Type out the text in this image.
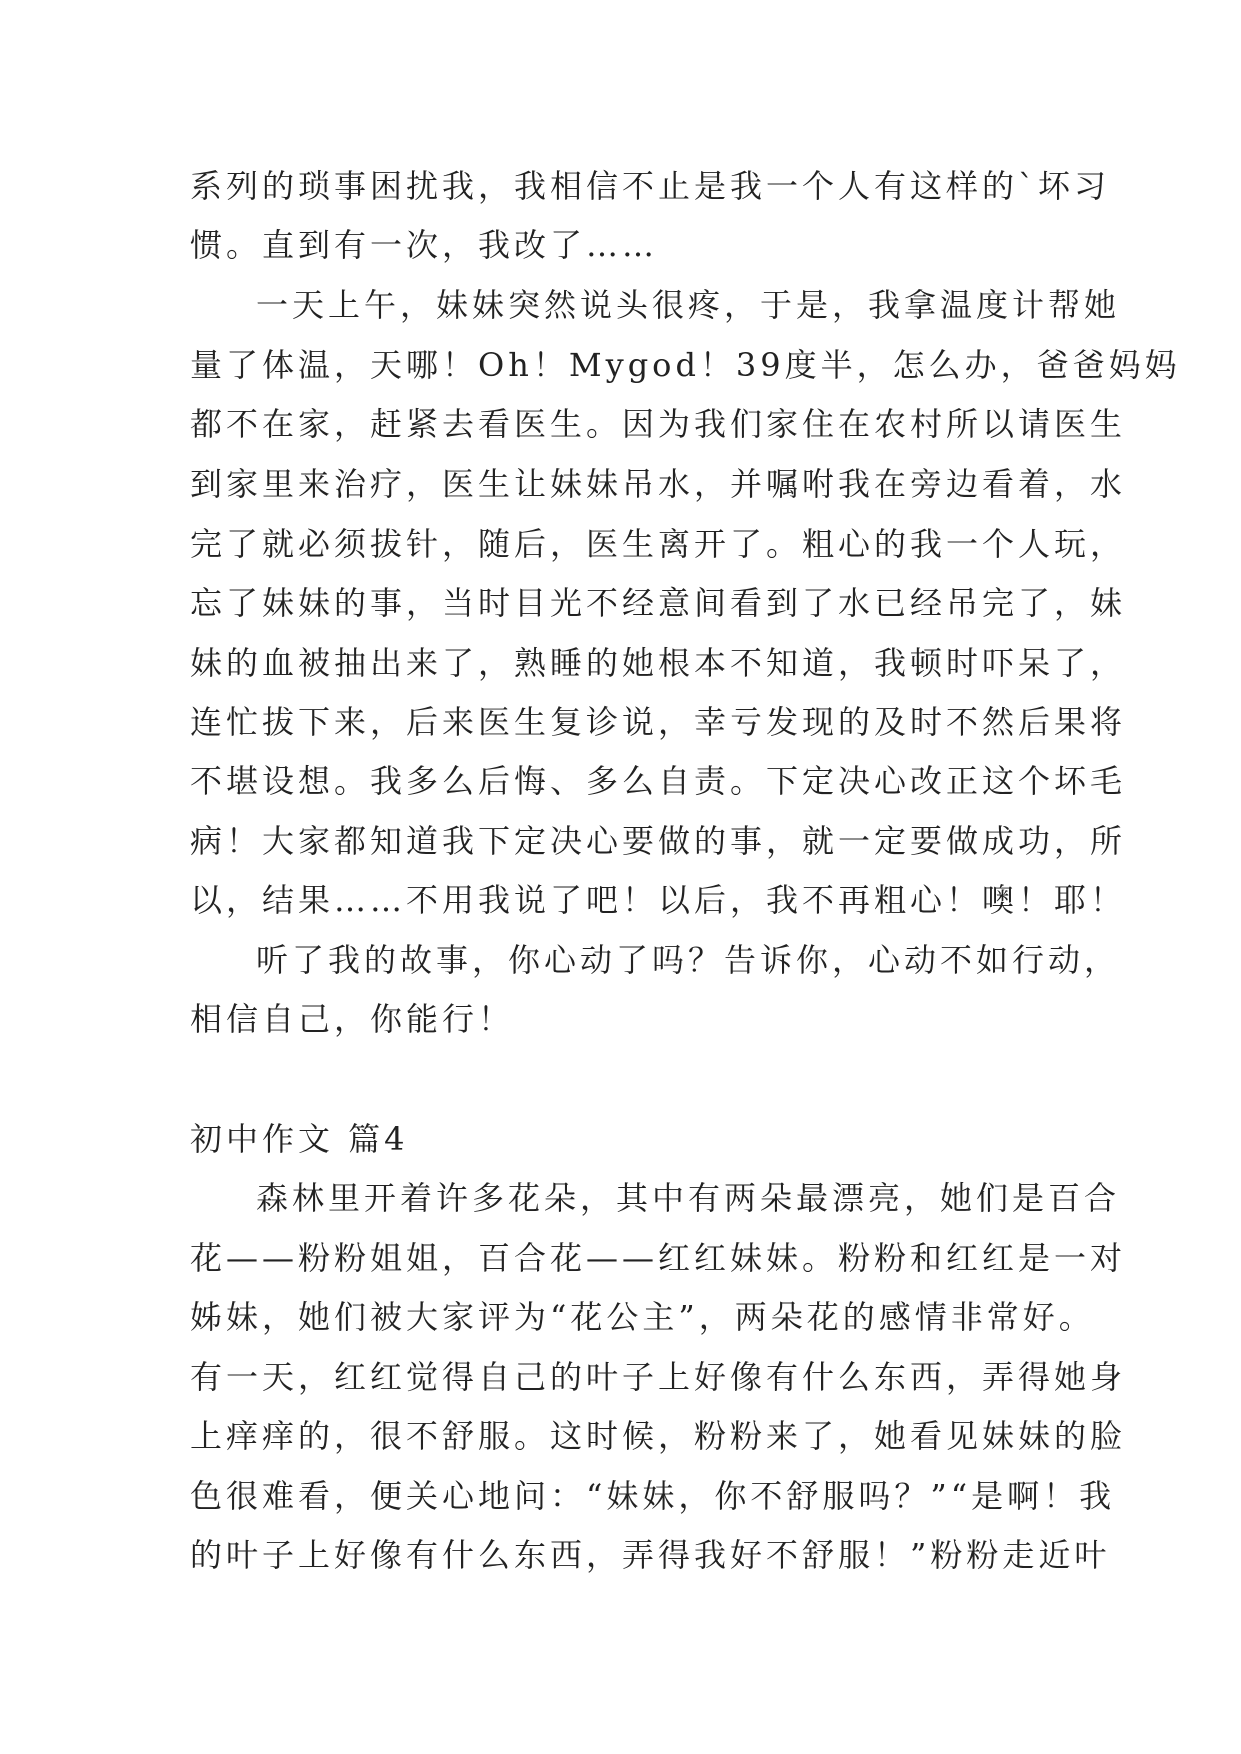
系列的琐事困扰我，我相信不止是我一个人有这样的`坏习
惯。直到有一次，我改了……
一天上午，妹妹突然说头很疼，于是，我拿温度计帮她
量了体温，天哪！Oh！Mygod！39度半，怎么办，爸爸妈妈
都不在家，赶紧去看医生。因为我们家住在农村所以请医生
到家里来治疗，医生让妹妹吊水，并嘱咐我在旁边看着，水
完了就必须拔针，随后，医生离开了。粗心的我一个人玩，
忘了妹妹的事，当时目光不经意间看到了水已经吊完了，妹
妹的血被抽出来了，熟睡的她根本不知道，我顿时吓呆了，
连忙拔下来，后来医生复诊说，幸亏发现的及时不然后果将
不堪设想。我多么后悔、多么自责。下定决心改正这个坏毛
病！大家都知道我下定决心要做的事，就一定要做成功，所
以，结果……不用我说了吧！以后，我不再粗心！噢！耶！
听了我的故事，你心动了吗？告诉你，心动不如行动，
相信自己，你能行！
初中作文 篇4
森林里开着许多花朵，其中有两朵最漂亮，她们是百合
花——粉粉姐姐，百合花——红红妹妹。粉粉和红红是一对
姊妹，她们被大家评为“花公主”，两朵花的感情非常好。
有一天，红红觉得自己的叶子上好像有什么东西，弄得她身
上痒痒的，很不舒服。这时候，粉粉来了，她看见妹妹的脸
色很难看，便关心地问：“妹妹，你不舒服吗？”“是啊！我
的叶子上好像有什么东西，弄得我好不舒服！”粉粉走近叶
